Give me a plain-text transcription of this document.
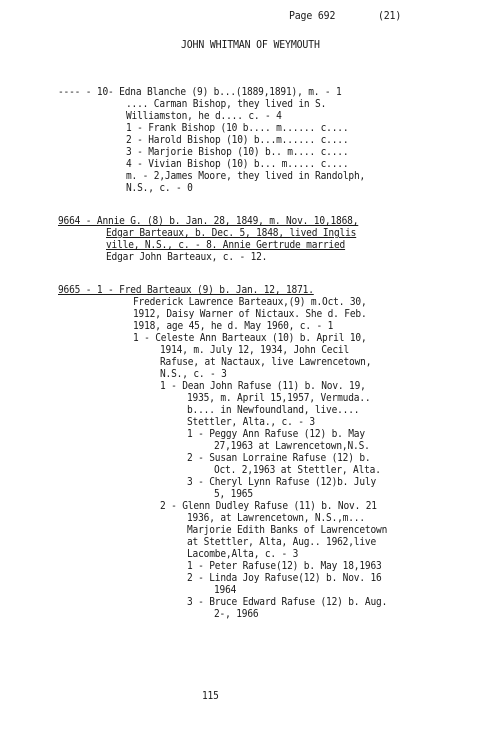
Page 692	(21)
JOHN WHITMAN OF WEYMOUTH
---- - 10- Edna Blanche (9) b...(1889,1891), m. - 1
.... Carman Bishop, they lived in S.
Williamston, he d.... c. - 4
1 - Frank Bishop (10 b.... m...... c....
2 - Harold Bishop (10) b...m...... c....
3 - Marjorie Bishop (10) b.. m.... c....
4 - Vivian Bishop (10) b... m..... c....
m. - 2,James Moore, they lived in Randolph,
N.S., c. - 0
9664 - Annie G. (8) b. Jan. 28, 1849, m. Nov. 10,1868,
Edgar Barteaux, b. Dec. 5, 1848, lived Inglis
ville, N.S., c. - 8. Annie Gertrude married
Edgar John Barteaux, c. - 12.
9665 - 1 - Fred Barteaux (9) b. Jan. 12, 1871.
Frederick Lawrence Barteaux,(9) m.Oct. 30,
1912, Daisy Warner of Nictaux. She d. Feb.
1918, age 45, he d. May 1960, c. - 1
1 - Celeste Ann Barteaux (10) b. April 10,
1914, m. July 12, 1934, John Cecil
Rafuse, at Nactaux, live Lawrencetown,
N.S., c. - 3
1 - Dean John Rafuse (11) b. Nov. 19,
1935, m. April 15,1957, Vermuda..
b.... in Newfoundland, live....
Stettler, Alta., c. - 3
1 - Peggy Ann Rafuse (12) b. May
27,1963 at Lawrencetown,N.S.
2 - Susan Lorraine Rafuse (12) b.
Oct. 2,1963 at Stettler, Alta.
3 - Cheryl Lynn Rafuse (12)b. July
5, 1965
2 - Glenn Dudley Rafuse (11) b. Nov. 21
1936, at Lawrencetown, N.S.,m...
Marjorie Edith Banks of Lawrencetown
at Stettler, Alta, Aug.. 1962,live
Lacombe,Alta, c. - 3
1 - Peter Rafuse(12) b. May 18,1963
2 - Linda Joy Rafuse(12) b. Nov. 16
1964
3 - Bruce Edward Rafuse (12) b. Aug.
2-, 1966
115
